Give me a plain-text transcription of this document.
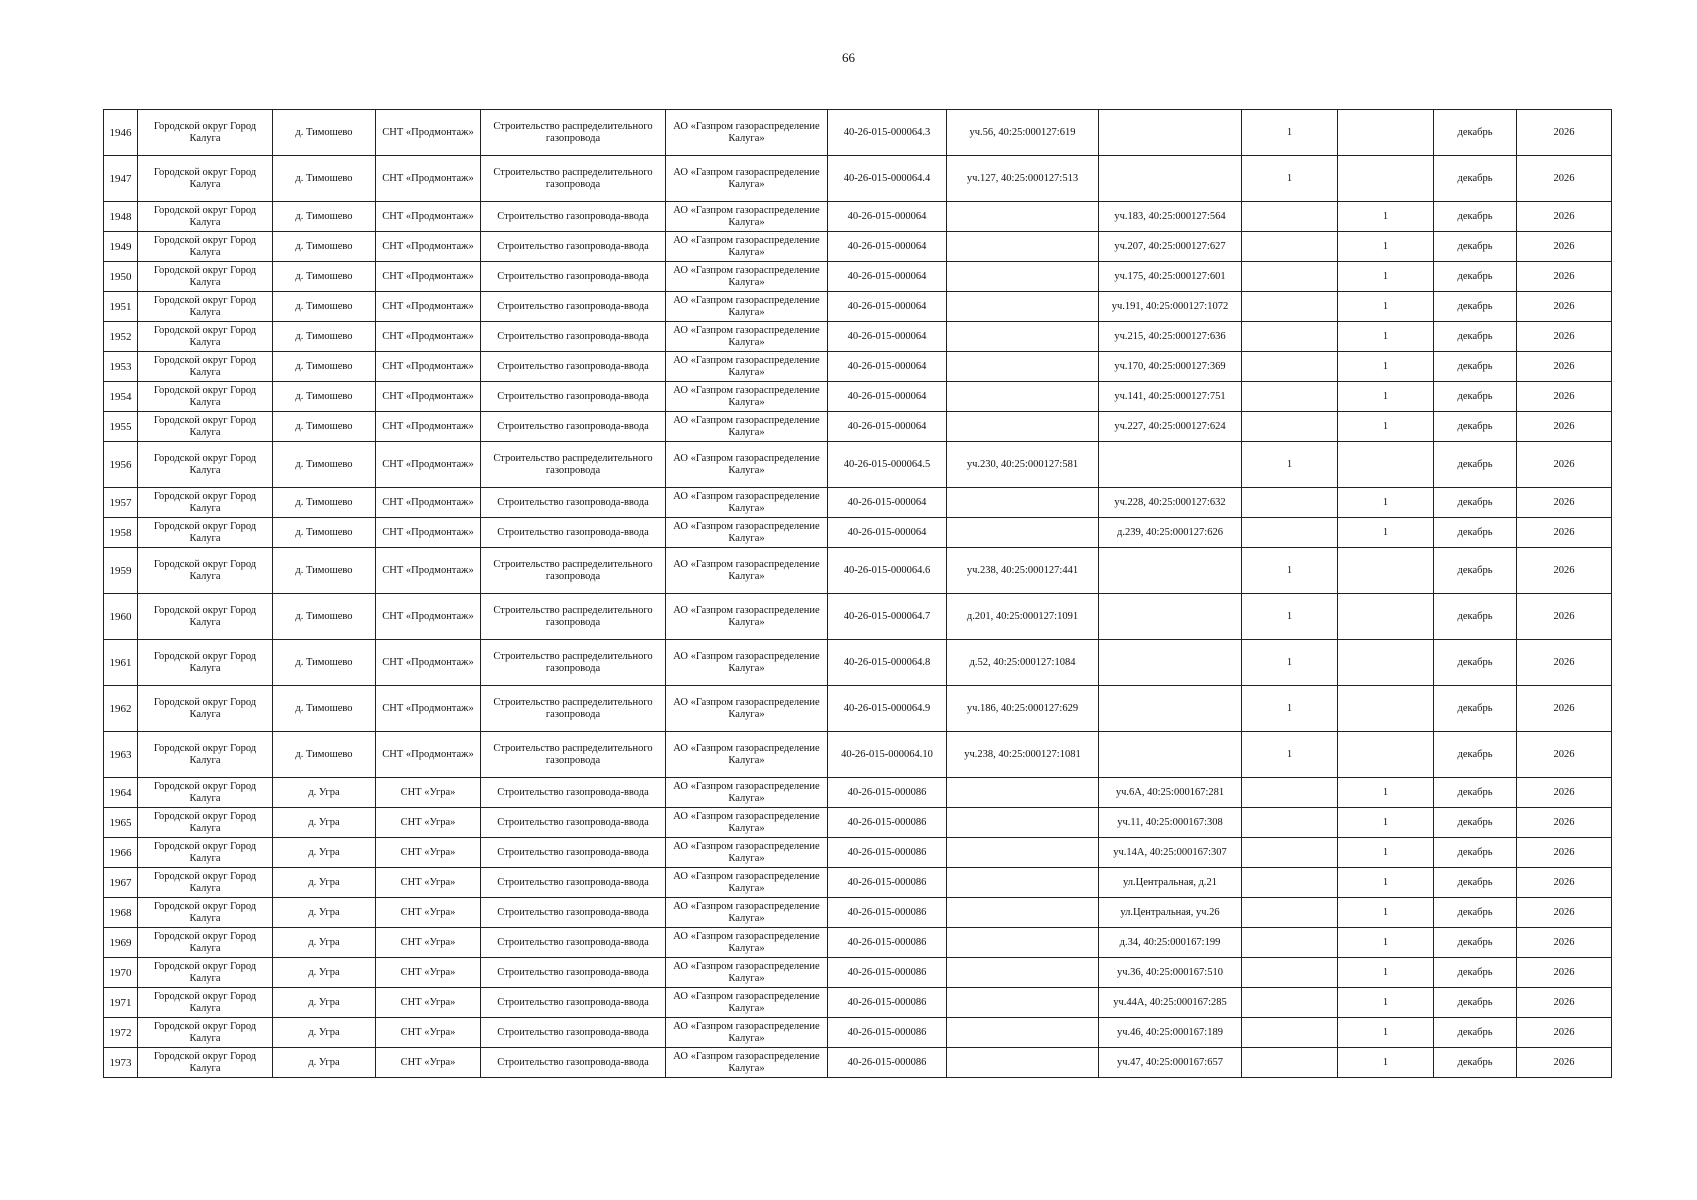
66
1946	Городской округ Город Калуга	д. Тимошево	СНТ «Продмонтаж»	Строительство распределительного газопровода	АО «Газпром газораспределение Калуга»	40-26-015-000064.3	уч.56, 40:25:000127:619		1		декабрь	2026
1947	Городской округ Город Калуга	д. Тимошево	СНТ «Продмонтаж»	Строительство распределительного газопровода	АО «Газпром газораспределение Калуга»	40-26-015-000064.4	уч.127, 40:25:000127:513		1		декабрь	2026
1948	Городской округ Город Калуга	д. Тимошево	СНТ «Продмонтаж»	Строительство газопровода-ввода	АО «Газпром газораспределение Калуга»	40-26-015-000064		уч.183, 40:25:000127:564		1	декабрь	2026
1949	Городской округ Город Калуга	д. Тимошево	СНТ «Продмонтаж»	Строительство газопровода-ввода	АО «Газпром газораспределение Калуга»	40-26-015-000064		уч.207, 40:25:000127:627		1	декабрь	2026
1950	Городской округ Город Калуга	д. Тимошево	СНТ «Продмонтаж»	Строительство газопровода-ввода	АО «Газпром газораспределение Калуга»	40-26-015-000064		уч.175, 40:25:000127:601		1	декабрь	2026
1951	Городской округ Город Калуга	д. Тимошево	СНТ «Продмонтаж»	Строительство газопровода-ввода	АО «Газпром газораспределение Калуга»	40-26-015-000064		уч.191, 40:25:000127:1072		1	декабрь	2026
1952	Городской округ Город Калуга	д. Тимошево	СНТ «Продмонтаж»	Строительство газопровода-ввода	АО «Газпром газораспределение Калуга»	40-26-015-000064		уч.215, 40:25:000127:636		1	декабрь	2026
1953	Городской округ Город Калуга	д. Тимошево	СНТ «Продмонтаж»	Строительство газопровода-ввода	АО «Газпром газораспределение Калуга»	40-26-015-000064		уч.170, 40:25:000127:369		1	декабрь	2026
1954	Городской округ Город Калуга	д. Тимошево	СНТ «Продмонтаж»	Строительство газопровода-ввода	АО «Газпром газораспределение Калуга»	40-26-015-000064		уч.141, 40:25:000127:751		1	декабрь	2026
1955	Городской округ Город Калуга	д. Тимошево	СНТ «Продмонтаж»	Строительство газопровода-ввода	АО «Газпром газораспределение Калуга»	40-26-015-000064		уч.227, 40:25:000127:624		1	декабрь	2026
1956	Городской округ Город Калуга	д. Тимошево	СНТ «Продмонтаж»	Строительство распределительного газопровода	АО «Газпром газораспределение Калуга»	40-26-015-000064.5	уч.230, 40:25:000127:581		1		декабрь	2026
1957	Городской округ Город Калуга	д. Тимошево	СНТ «Продмонтаж»	Строительство газопровода-ввода	АО «Газпром газораспределение Калуга»	40-26-015-000064		уч.228, 40:25:000127:632		1	декабрь	2026
1958	Городской округ Город Калуга	д. Тимошево	СНТ «Продмонтаж»	Строительство газопровода-ввода	АО «Газпром газораспределение Калуга»	40-26-015-000064		д.239, 40:25:000127:626		1	декабрь	2026
1959	Городской округ Город Калуга	д. Тимошево	СНТ «Продмонтаж»	Строительство распределительного газопровода	АО «Газпром газораспределение Калуга»	40-26-015-000064.6	уч.238, 40:25:000127:441		1		декабрь	2026
1960	Городской округ Город Калуга	д. Тимошево	СНТ «Продмонтаж»	Строительство распределительного газопровода	АО «Газпром газораспределение Калуга»	40-26-015-000064.7	д.201, 40:25:000127:1091		1		декабрь	2026
1961	Городской округ Город Калуга	д. Тимошево	СНТ «Продмонтаж»	Строительство распределительного газопровода	АО «Газпром газораспределение Калуга»	40-26-015-000064.8	д.52, 40:25:000127:1084		1		декабрь	2026
1962	Городской округ Город Калуга	д. Тимошево	СНТ «Продмонтаж»	Строительство распределительного газопровода	АО «Газпром газораспределение Калуга»	40-26-015-000064.9	уч.186, 40:25:000127:629		1		декабрь	2026
1963	Городской округ Город Калуга	д. Тимошево	СНТ «Продмонтаж»	Строительство распределительного газопровода	АО «Газпром газораспределение Калуга»	40-26-015-000064.10	уч.238, 40:25:000127:1081		1		декабрь	2026
1964	Городской округ Город Калуга	д. Угра	СНТ «Угра»	Строительство газопровода-ввода	АО «Газпром газораспределение Калуга»	40-26-015-000086		уч.6А, 40:25:000167:281		1	декабрь	2026
1965	Городской округ Город Калуга	д. Угра	СНТ «Угра»	Строительство газопровода-ввода	АО «Газпром газораспределение Калуга»	40-26-015-000086		уч.11, 40:25:000167:308		1	декабрь	2026
1966	Городской округ Город Калуга	д. Угра	СНТ «Угра»	Строительство газопровода-ввода	АО «Газпром газораспределение Калуга»	40-26-015-000086		уч.14А, 40:25:000167:307		1	декабрь	2026
1967	Городской округ Город Калуга	д. Угра	СНТ «Угра»	Строительство газопровода-ввода	АО «Газпром газораспределение Калуга»	40-26-015-000086		ул.Центральная, д.21		1	декабрь	2026
1968	Городской округ Город Калуга	д. Угра	СНТ «Угра»	Строительство газопровода-ввода	АО «Газпром газораспределение Калуга»	40-26-015-000086		ул.Центральная, уч.26		1	декабрь	2026
1969	Городской округ Город Калуга	д. Угра	СНТ «Угра»	Строительство газопровода-ввода	АО «Газпром газораспределение Калуга»	40-26-015-000086		д.34, 40:25:000167:199		1	декабрь	2026
1970	Городской округ Город Калуга	д. Угра	СНТ «Угра»	Строительство газопровода-ввода	АО «Газпром газораспределение Калуга»	40-26-015-000086		уч.36, 40:25:000167:510		1	декабрь	2026
1971	Городской округ Город Калуга	д. Угра	СНТ «Угра»	Строительство газопровода-ввода	АО «Газпром газораспределение Калуга»	40-26-015-000086		уч.44А, 40:25:000167:285		1	декабрь	2026
1972	Городской округ Город Калуга	д. Угра	СНТ «Угра»	Строительство газопровода-ввода	АО «Газпром газораспределение Калуга»	40-26-015-000086		уч.46, 40:25:000167:189		1	декабрь	2026
1973	Городской округ Город Калуга	д. Угра	СНТ «Угра»	Строительство газопровода-ввода	АО «Газпром газораспределение Калуга»	40-26-015-000086		уч.47, 40:25:000167:657		1	декабрь	2026
